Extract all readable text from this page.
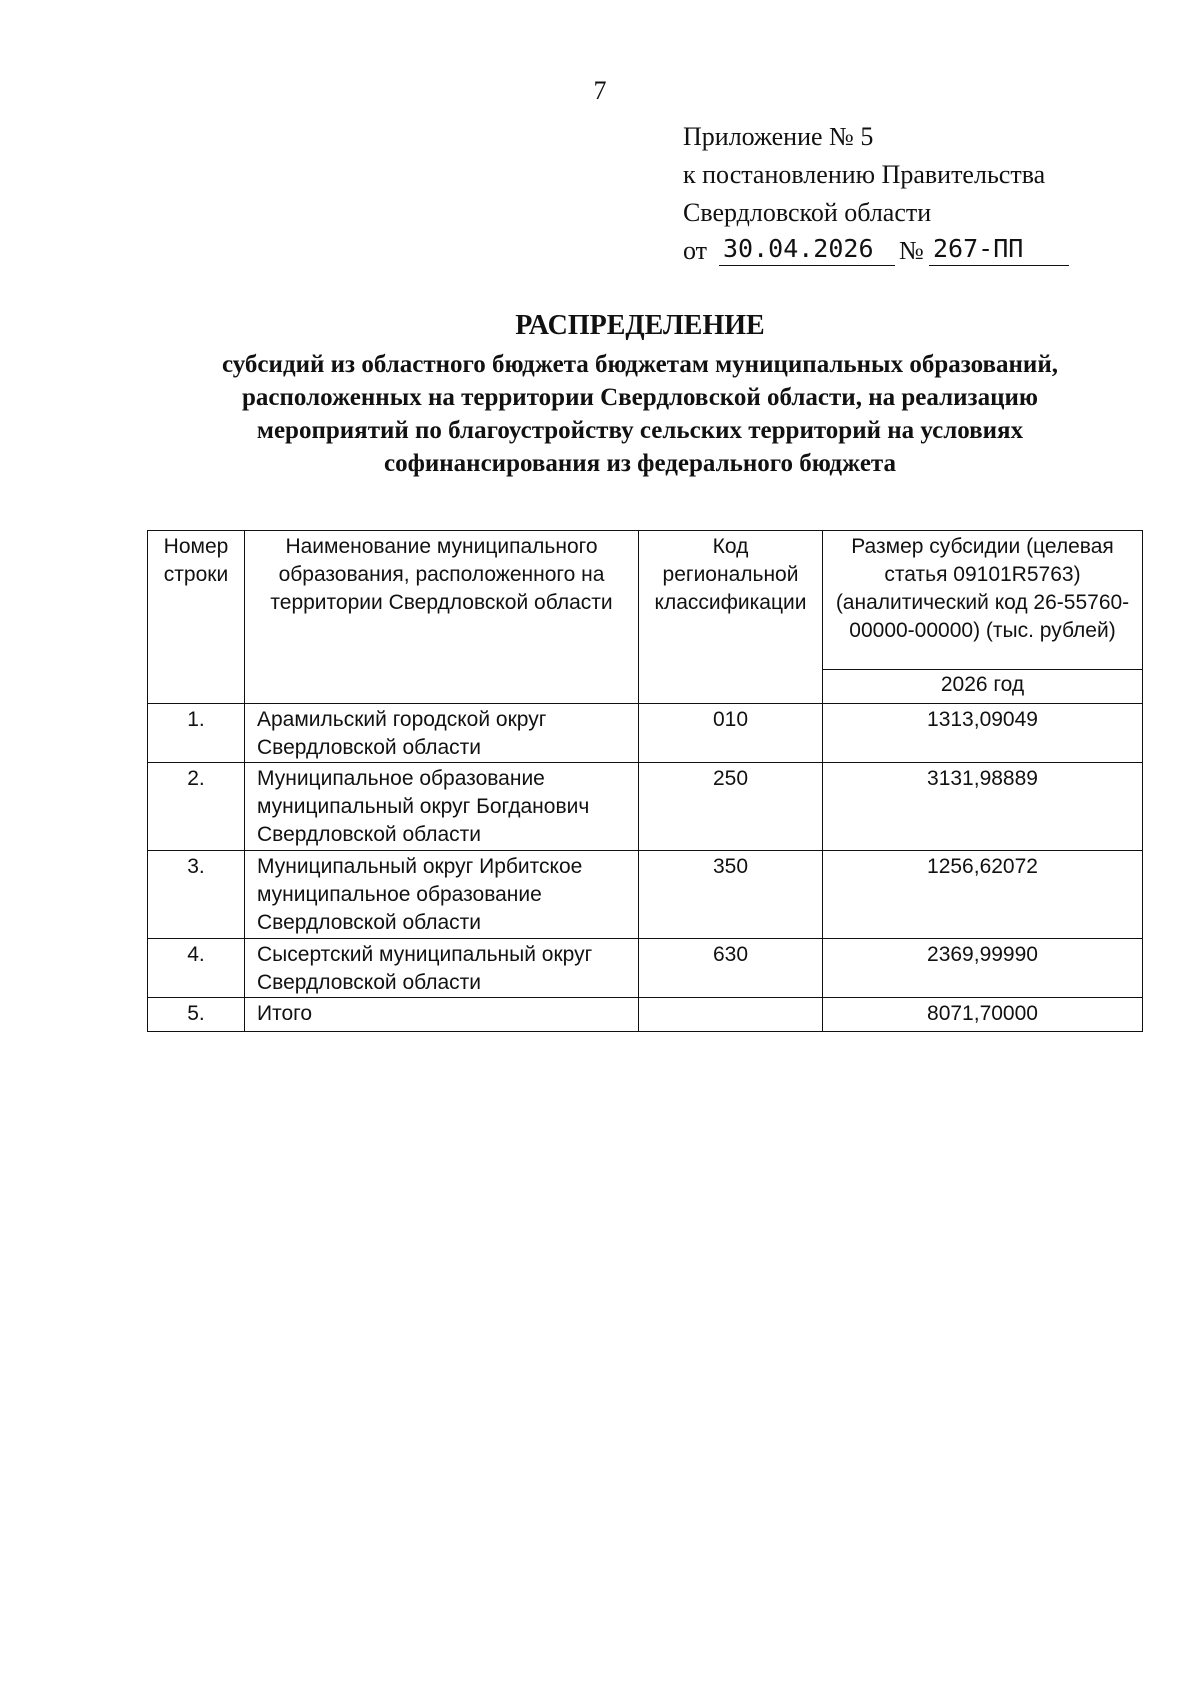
7
Приложение № 5
к постановлению Правительства
Свердловской области
от 30.04.2026 № 267-ПП
РАСПРЕДЕЛЕНИЕ
субсидий из областного бюджета бюджетам муниципальных образований, расположенных на территории Свердловской области, на реализацию мероприятий по благоустройству сельских территорий на условиях софинансирования из федерального бюджета
Номер строки	Наименование муниципального образования, расположенного на территории Свердловской области	Код региональной классификации	Размер субсидии (целевая статья 09101R5763) (аналитический код 26-55760-00000-00000) (тыс. рублей)
			2026 год
1.	Арамильский городской округ Свердловской области	010	1313,09049
2.	Муниципальное образование муниципальный округ Богданович Свердловской области	250	3131,98889
3.	Муниципальный округ Ирбитское муниципальное образование Свердловской области	350	1256,62072
4.	Сысертский муниципальный округ Свердловской области	630	2369,99990
5.	Итого		8071,70000
